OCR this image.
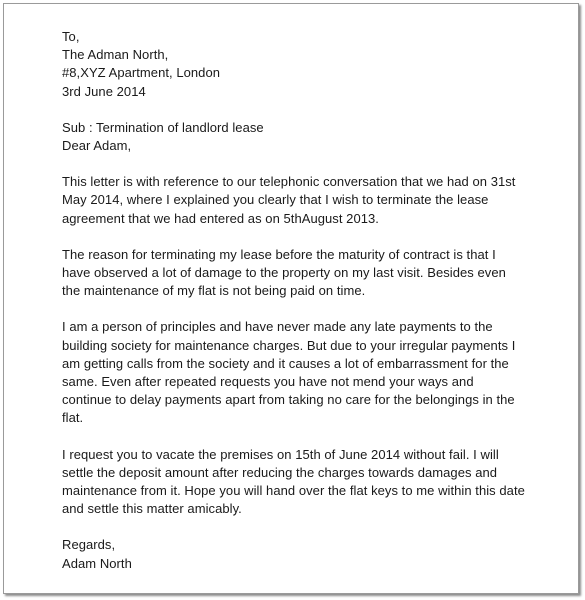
To,
The Adman North,
#8,XYZ Apartment, London
3rd June 2014
Sub : Termination of landlord lease
Dear Adam,
This letter is with reference to our telephonic conversation that we had on 31st
May 2014, where I explained you clearly that I wish to terminate the lease
agreement that we had entered as on 5thAugust 2013.
The reason for terminating my lease before the maturity of contract is that I
have observed a lot of damage to the property on my last visit. Besides even
the maintenance of my flat is not being paid on time.
I am a person of principles and have never made any late payments to the
building society for maintenance charges. But due to your irregular payments I
am getting calls from the society and it causes a lot of embarrassment for the
same. Even after repeated requests you have not mend your ways and
continue to delay payments apart from taking no care for the belongings in the
flat.
I request you to vacate the premises on 15th of June 2014 without fail. I will
settle the deposit amount after reducing the charges towards damages and
maintenance from it. Hope you will hand over the flat keys to me within this date
and settle this matter amicably.
Regards,
Adam North
